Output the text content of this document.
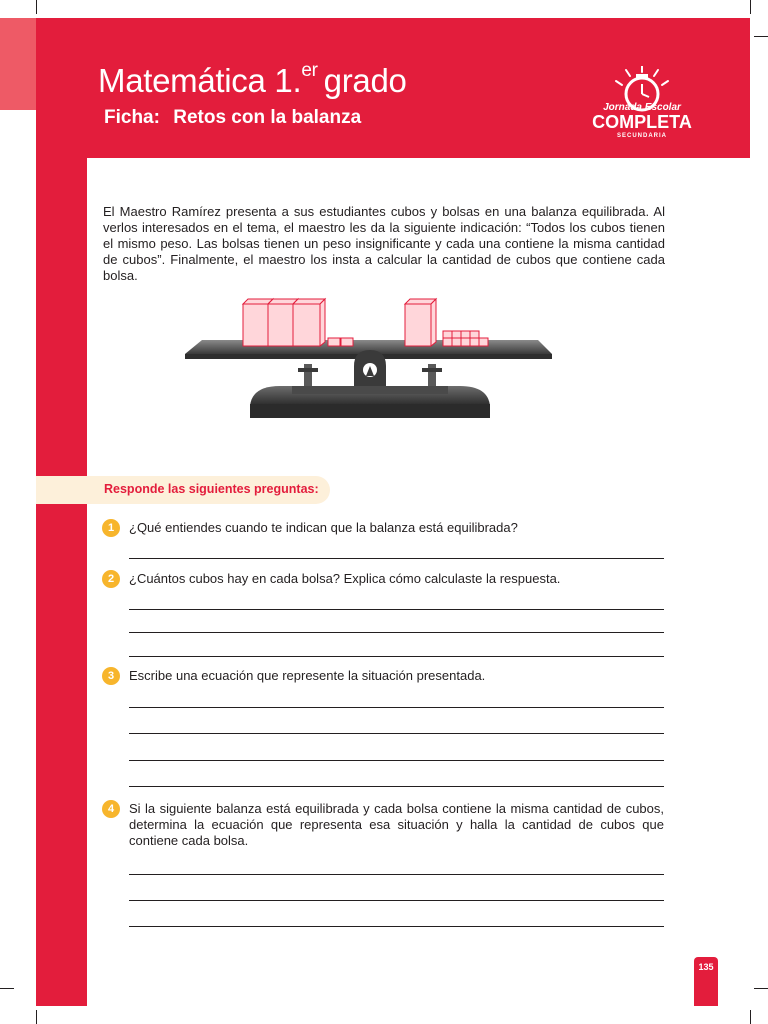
Matemática 1.$^{er}$ grado
Ficha: Retos con la balanza	Jornada Escolar
COMPLETA
SECUNDARIA
El Maestro Ramírez presenta a sus estudiantes cubos y bolsas en una balanza equilibrada. Al verlos interesados en el tema, el maestro les da la siguiente indicación: “Todos los cubos tienen el mismo peso. Las bolsas tienen un peso insignificante y cada una contiene la misma cantidad de cubos”. Finalmente, el maestro los insta a calcular la cantidad de cubos que contiene cada bolsa.
Responde las siguientes preguntas:
1	¿Qué entiendes cuando te indican que la balanza está equilibrada?
2	¿Cuántos cubos hay en cada bolsa? Explica cómo calculaste la respuesta.
3	Escribe una ecuación que represente la situación presentada.
4	Si la siguiente balanza está equilibrada y cada bolsa contiene la misma cantidad de cubos, determina la ecuación que representa esa situación y halla la cantidad de cubos que contiene cada bolsa.
135
